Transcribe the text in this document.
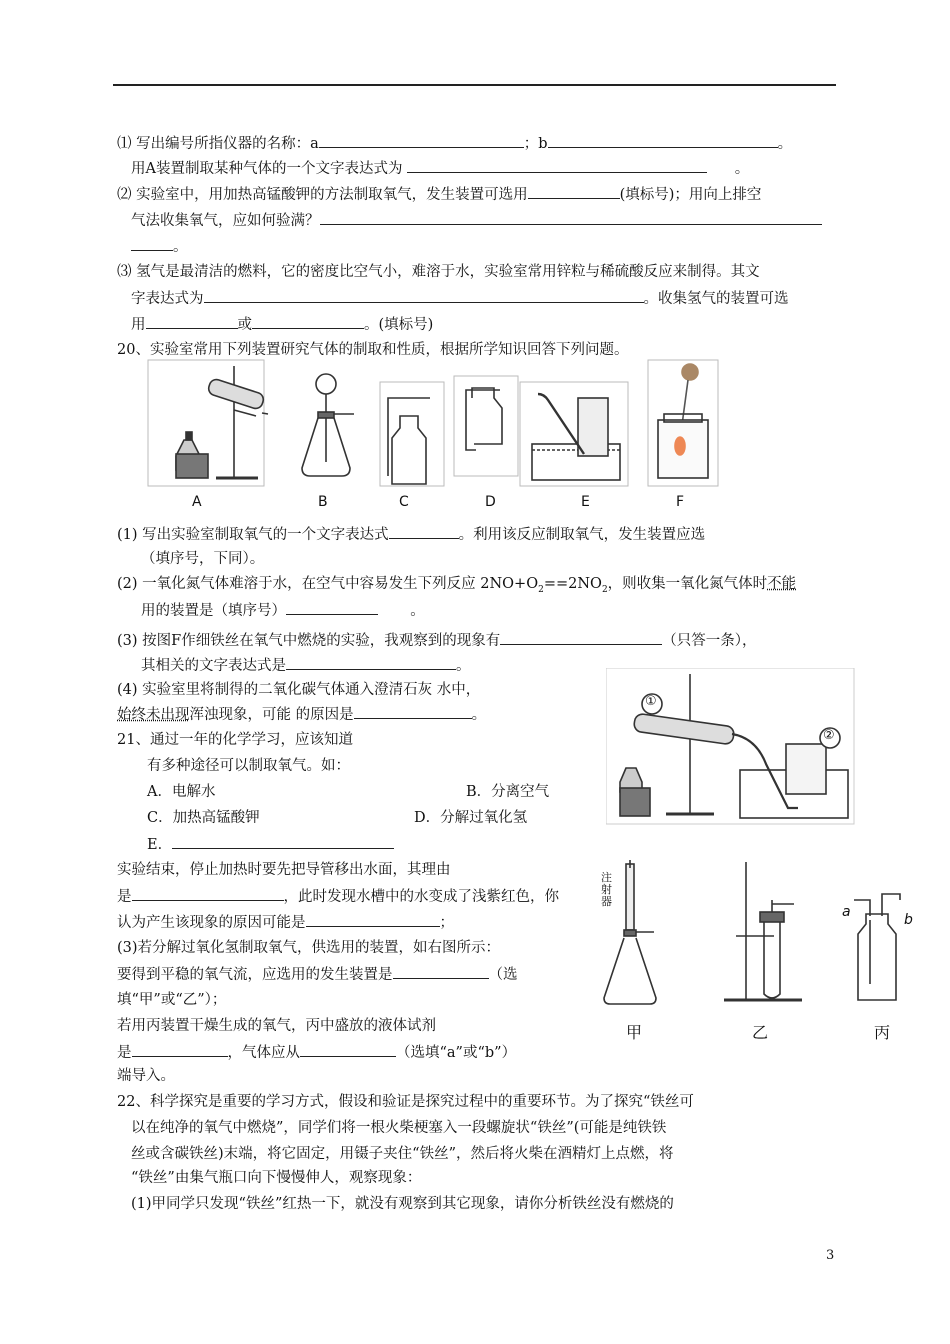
⑴ 写出编号所指仪器的名称：a	；b	。
用A装置制取某种气体的一个文字表达式为	。
⑵ 实验室中，用加热高锰酸钾的方法制取氧气，发生装置可选用	(填标号)；用向上排空
气法收集氧气，应如何验满？
。
⑶ 氢气是最清洁的燃料，它的密度比空气小，难溶于水，实验室常用锌粒与稀硫酸反应来制得。其文
字表达式为	。收集氢气的装置可选
用	或	。(填标号)
20、实验室常用下列装置研究气体的制取和性质，根据所学知识回答下列问题。
A	B	C	D	E	F
(1) 写出实验室制取氧气的一个文字表达式	。利用该反应制取氧气，发生装置应选
（填序号，下同）。
(2) 一氧化氮气体难溶于水，在空气中容易发生下列反应 $2NO+O_2==2NO_2$，则收集一氧化氮气体时不能
用的装置是（填序号）	。
(3) 按图F作细铁丝在氧气中燃烧的实验，我观察到的现象有	（只答一条），
其相关的文字表达式是	。
(4) 实验室里将制得的二氧化碳气体通入澄清石灰 水中，
始终未出现浑浊现象，可能 的原因是	。
①
②
21、通过一年的化学学习，应该知道
有多种途径可以制取氧气。如：
A．电解水	B．分离空气
C．加热高锰酸钾	D．分解过氧化氢
E．
实验结束，停止加热时要先把导管移出水面，其理由
是	，此时发现水槽中的水变成了浅紫红色，你
认为产生该现象的原因可能是	；
(3)若分解过氧化氢制取氧气，供选用的装置，如右图所示：
要得到平稳的氧气流，应选用的发生装置是	（选
填“甲”或“乙”）；
若用丙装置干燥生成的氧气，丙中盛放的液体试剂
是	，气体应从	（选填“a”或“b”）
端导入。
注射器
甲	乙	丙
a	b
22、科学探究是重要的学习方式，假设和验证是探究过程中的重要环节。为了探究“铁丝可
以在纯净的氧气中燃烧”，同学们将一根火柴梗塞入一段螺旋状“铁丝”(可能是纯铁铁
丝或含碳铁丝)末端，将它固定，用镊子夹住“铁丝”，然后将火柴在酒精灯上点燃，将
“铁丝”由集气瓶口向下慢慢伸人，观察现象：
(1)甲同学只发现“铁丝”红热一下，就没有观察到其它现象，请你分析铁丝没有燃烧的
3
